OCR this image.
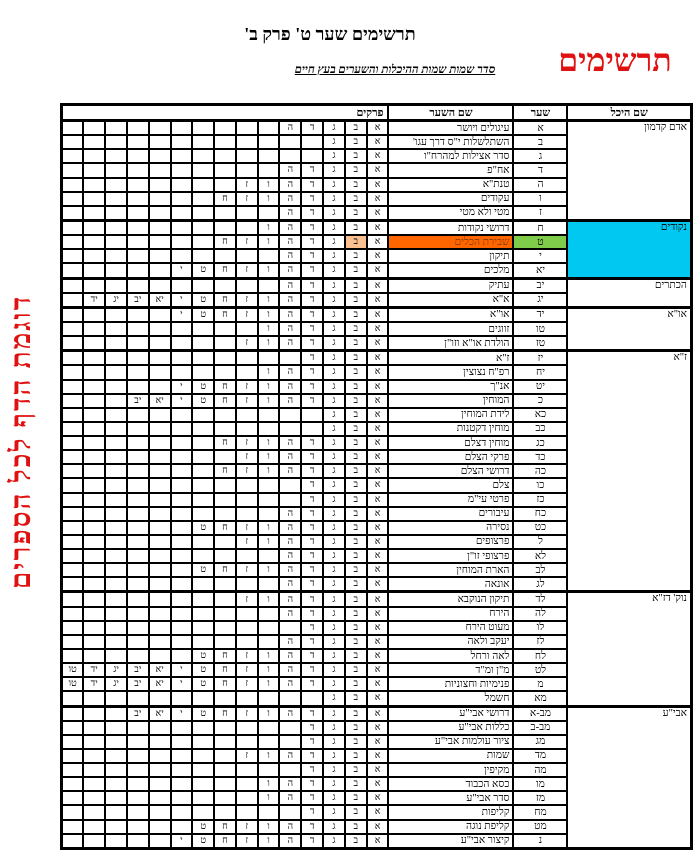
תרשימים שער ט' פרק ב'
סדר שמות שמות ההיכלות והשערים בעץ חיים	תרשימים
דוגמת הדף לכל הספרים
שם היכל	שער	שם השער	פרקים														
אדם קדמון	א	עיגולים ויושר	א	ב	ג	ד	ה										
	ב	השתלשלות י"ס דרך עגו'	א	ב	ג												
	ג	סדר אצילות למהרח"ו	א	ב	ג												
	ד	אח"פ	א	ב	ג	ד	ה										
	ה	טנת"א	א	ב	ג	ד	ה	ו	ז								
	ו	עקודים	א	ב	ג	ד	ה	ו	ז	ח							
	ז	מטי ולא מטי	א	ב	ג	ד	ה										
נקודים	ח	דרושי נקודות	א	ב	ג	ד	ה	ו									
	ט	שבירת הכלים	א	ב	ג	ד	ה	ו	ז	ח							
	י	תיקון	א	ב	ג	ד	ה										
	יא	מלכים	א	ב	ג	ד	ה	ו	ז	ח	ט	י					
הכתרים	יב	עתיק	א	ב	ג	ד	ה										
	יג	א"א	א	ב	ג	ד	ה	ו	ז	ח	ט	י	יא	יב	יג	יד	
או"א	יד	או"א	א	ב	ג	ד	ה	ו	ז	ח	ט	י					
	טו	זווגים	א	ב	ג	ד	ה	ו									
	טז	הולדת או"א וזו"ן	א	ב	ג	ד	ה	ו	ז								
ז"א	יז	ז"א	א	ב	ג	ד											
	יח	רפ"ח נצוצין	א	ב	ג	ד	ה	ו									
	יט	אנ"ך	א	ב	ג	ד	ה	ו	ז	ח	ט	י					
	כ	המוחין	א	ב	ג	ד	ה	ו	ז	ח	ט	י	יא	יב			
	כא	לידת המוחין	א	ב	ג												
	כב	מוחין דקטנות	א	ב	ג												
	כג	מוחין דצלם	א	ב	ג	ד	ה	ו	ז	ח							
	כד	פרקי הצלם	א	ב	ג	ד	ה	ו	ז								
	כה	דרושי הצלם	א	ב	ג	ד	ה	ו	ז	ח							
	כו	צלם	א	ב	ג	ד											
	כז	פרטי עי"מ	א	ב	ג	ד											
	כח	עיבורים	א	ב	ג	ד	ה										
	כט	נסירה	א	ב	ג	ד	ה	ו	ז	ח	ט						
	ל	פרצופים	א	ב	ג	ד	ה	ו	ז								
	לא	פרצופי זו"ן	א	ב	ג	ד	ה										
	לב	הארת המוחין	א	ב	ג	ד	ה	ו	ז	ח	ט						
	לג	אונאה	א	ב	ג	ד	ה										
נוק' דז"א	לד	תיקון הנוקבא	א	ב	ג	ד	ה	ו	ז								
	לה	הירח	א	ב	ג	ד	ה										
	לו	מעוט הירח	א	ב	ג	ד											
	לז	יעקב ולאה	א	ב	ג	ד	ה										
	לח	לאה ורחל	א	ב	ג	ד	ה	ו	ז	ח	ט						
	לט	מ"ן ומ"ד	א	ב	ג	ד	ה	ו	ז	ח	ט	י	יא	יב	יג	יד	טו
	מ	פנימיות וחצוניות	א	ב	ג	ד	ה	ו	ז	ח	ט	י	יא	יב	יג	יד	טו
	מא	חשמל	א	ב	ג												
אבי"ע	מב-א	דרושי אבי"ע	א	ב	ג	ד	ה	ו	ז	ח	ט	י	יא	יב			
	מב-ב	כללות אבי"ע	א	ב	ג	ד											
	מג	ציור עולמות אבי"ע	א	ב	ג	ד											
	מד	שמות	א	ב	ג	ד	ה	ו	ז								
	מה	מקיפין	א	ב	ג	ד											
	מו	כסא הכבוד	א	ב	ג	ד	ה	ו									
	מז	סדר אבי"ע	א	ב	ג	ד	ה	ו									
	מח	קליפות	א	ב	ג	ד											
	מט	קליפת נוגה	א	ב	ג	ד	ה	ו	ז	ח	ט						
	נ	קיצור אבי"ע	א	ב	ג	ד	ה	ו	ז	ח	ט	י					
